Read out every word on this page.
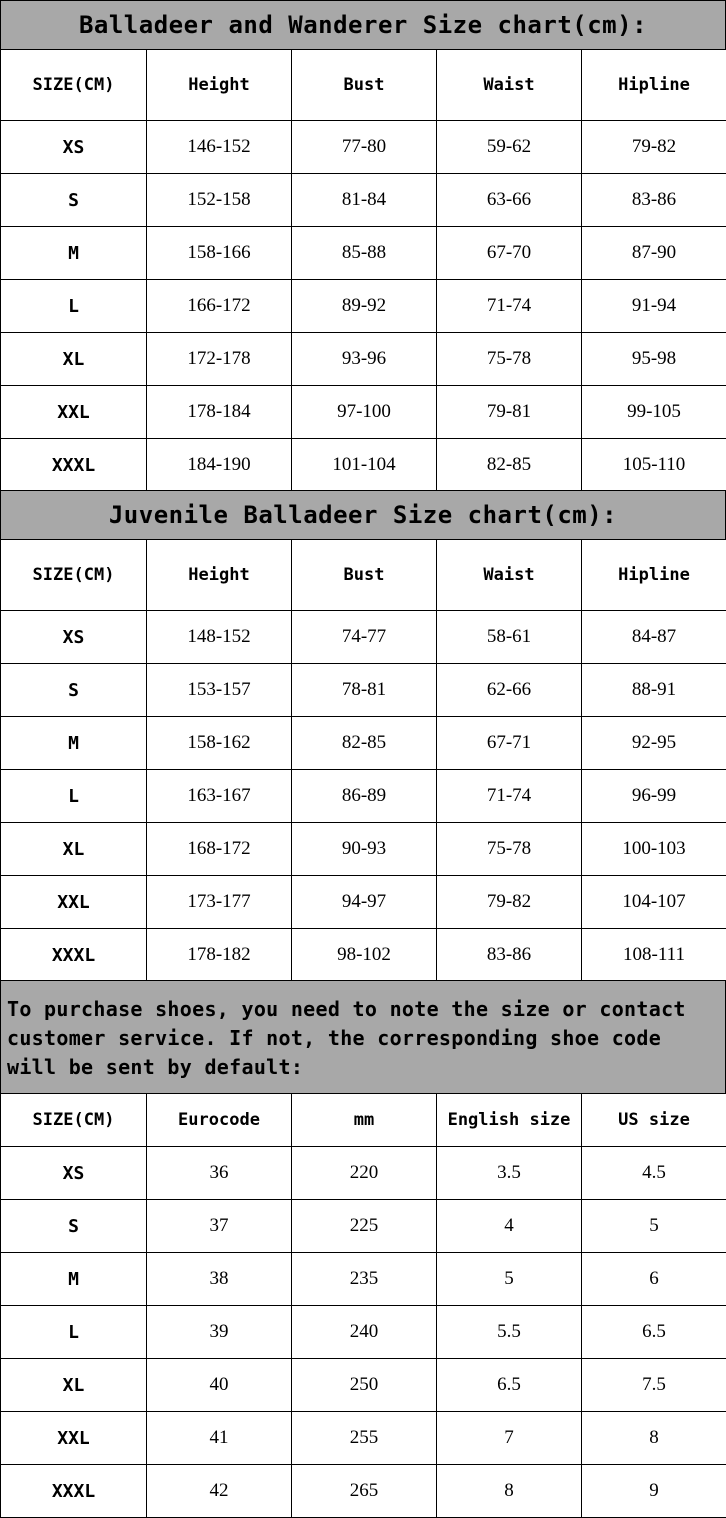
Balladeer and Wanderer Size chart(cm):
SIZE(CM)	Height	Bust	Waist	Hipline
XS	146-152	77-80	59-62	79-82
S	152-158	81-84	63-66	83-86
M	158-166	85-88	67-70	87-90
L	166-172	89-92	71-74	91-94
XL	172-178	93-96	75-78	95-98
XXL	178-184	97-100	79-81	99-105
XXXL	184-190	101-104	82-85	105-110
Juvenile Balladeer Size chart(cm):
SIZE(CM)	Height	Bust	Waist	Hipline
XS	148-152	74-77	58-61	84-87
S	153-157	78-81	62-66	88-91
M	158-162	82-85	67-71	92-95
L	163-167	86-89	71-74	96-99
XL	168-172	90-93	75-78	100-103
XXL	173-177	94-97	79-82	104-107
XXXL	178-182	98-102	83-86	108-111
To purchase shoes, you need to note the size or contact customer service. If not, the corresponding shoe code will be sent by default:
SIZE(CM)	Eurocode	mm	English size	US size
XS	36	220	3.5	4.5
S	37	225	4	5
M	38	235	5	6
L	39	240	5.5	6.5
XL	40	250	6.5	7.5
XXL	41	255	7	8
XXXL	42	265	8	9
